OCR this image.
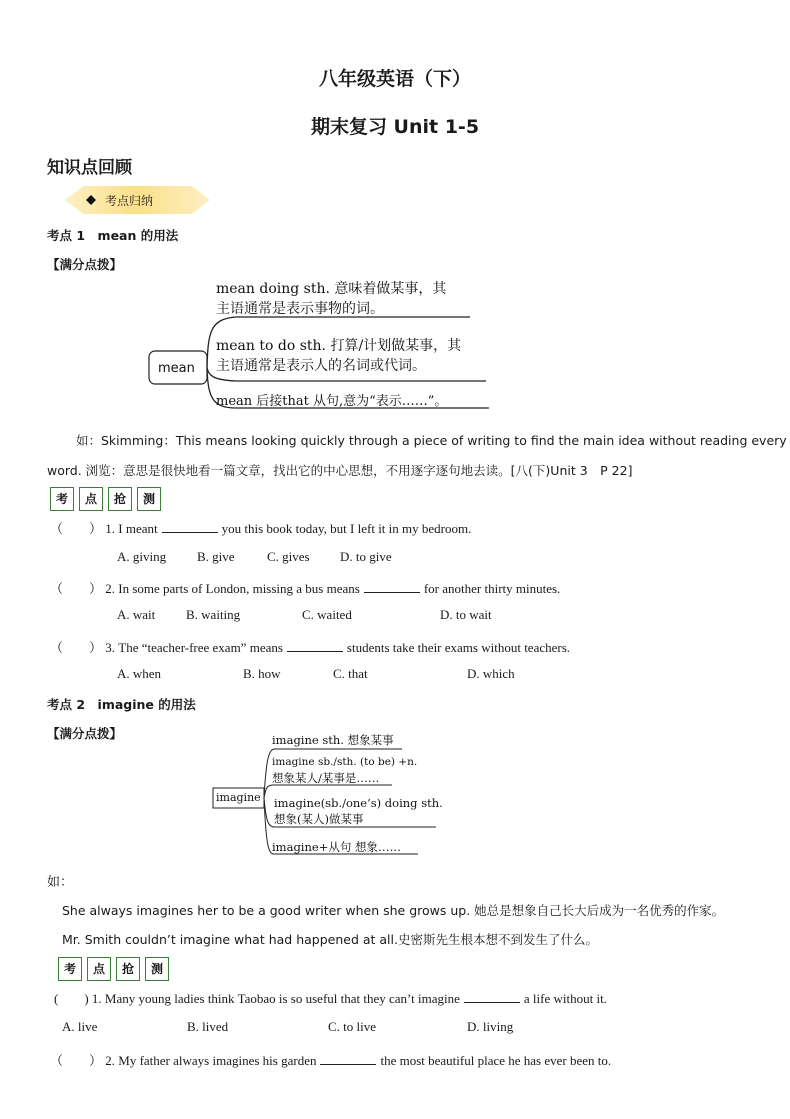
八年级英语（下）
期末复习 Unit 1-5
知识点回顾
考点归纳
考点 1　mean 的用法
【满分点拨】
mean
mean doing sth. 意味着做某事，其
主语通常是表示事物的词。
mean to do sth. 打算/计划做某事，其
主语通常是表示人的名词或代词。
mean 后接that 从句,意为“表示……”。
如：Skimming：This means looking quickly through a piece of writing to find the main idea without reading every
word. 浏览：意思是很快地看一篇文章，找出它的中心思想，不用逐字逐句地去读。[八(下)Unit 3　P 22]
考	点	抢	测
（　　） 1. I meant	you this book today, but I left it in my bedroom.
A. giving B. give C. gives D. to give
（　　） 2. In some parts of London, missing a bus means	for another thirty minutes.
A. wait B. waiting	C. waited	D. to wait
（　　） 3. The “teacher-free exam” means	students take their exams without teachers.
A. when	B. how	C. that	D. which
考点 2　imagine 的用法
【满分点拨】
imagine
imagine sth. 想象某事
imagine sb./sth. (to be) +n.
想象某人/某事是……
imagine(sb./one’s) doing sth.
想象(某人)做某事
imagine+从句 想象……
如：
She always imagines her to be a good writer when she grows up. 她总是想象自己长大后成为一名优秀的作家。
Mr. Smith couldn’t imagine what had happened at all.史密斯先生根本想不到发生了什么。
考	点	抢	测
(　　) 1. Many young ladies think Taobao is so useful that they can’t imagine	a life without it.
A. live	B. lived	C. to live	D. living
（　　） 2. My father always imagines his garden	the most beautiful place he has ever been to.
